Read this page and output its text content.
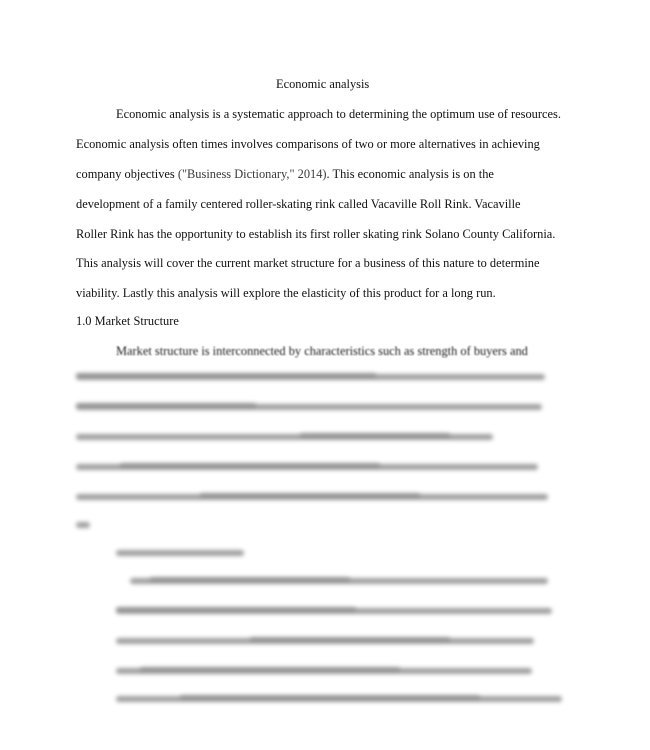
Economic analysis
Economic analysis is a systematic approach to determining the optimum use of resources.
Economic analysis often times involves comparisons of two or more alternatives in achieving
company objectives ("Business Dictionary," 2014). This economic analysis is on the
development of a family centered roller-skating rink called Vacaville Roll Rink. Vacaville
Roller Rink has the opportunity to establish its first roller skating rink Solano County California.
This analysis will cover the current market structure for a business of this nature to determine
viability. Lastly this analysis will explore the elasticity of this product for a long run.
1.0 Market Structure
Market structure is interconnected by characteristics such as strength of buyers and
